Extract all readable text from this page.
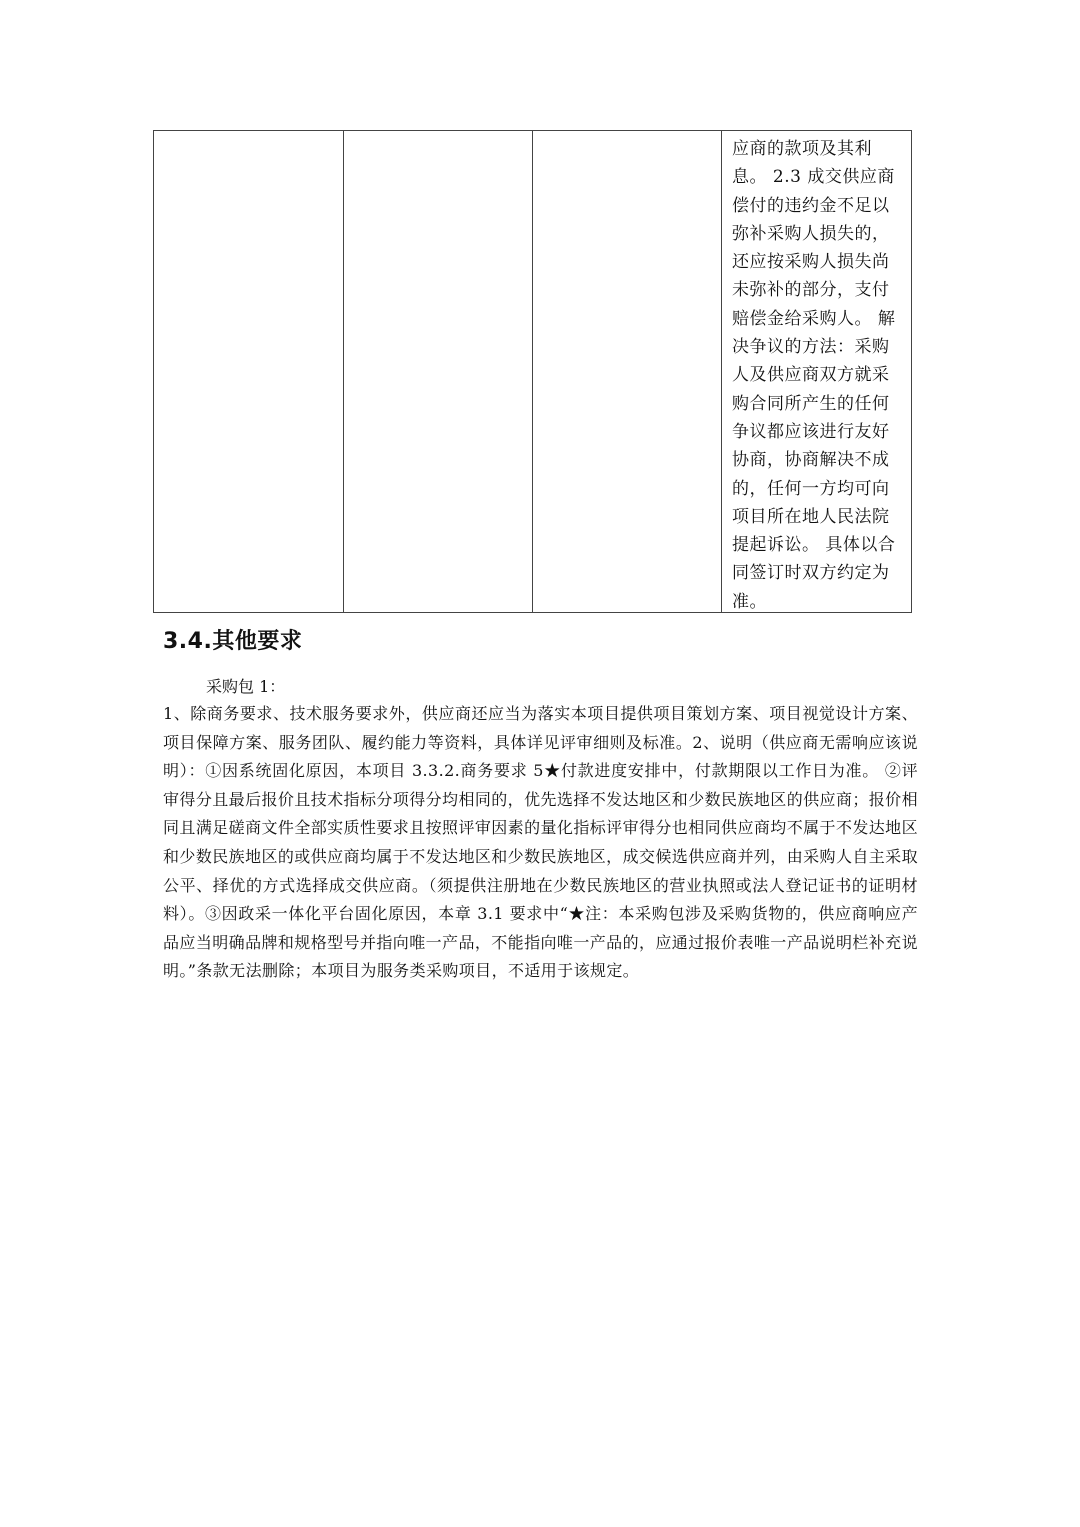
应商的款项及其利息。 2.3 成交供应商偿付的违约金不足以弥补采购人损失的，还应按采购人损失尚未弥补的部分，支付赔偿金给采购人。 解决争议的方法：采购人及供应商双方就采购合同所产生的任何争议都应该进行友好协商，协商解决不成的，任何一方均可向项目所在地人民法院提起诉讼。 具体以合同签订时双方约定为准。
3.4.其他要求

采购包 1：

1、除商务要求、技术服务要求外，供应商还应当为落实本项目提供项目策划方案、项目视觉设计方案、项目保障方案、服务团队、履约能力等资料，具体详见评审细则及标准。2、说明（供应商无需响应该说明）：①因系统固化原因，本项目 3.3.2.商务要求 5★付款进度安排中，付款期限以工作日为准。 ②评审得分且最后报价且技术指标分项得分均相同的，优先选择不发达地区和少数民族地区的供应商；报价相同且满足磋商文件全部实质性要求且按照评审因素的量化指标评审得分也相同供应商均不属于不发达地区和少数民族地区的或供应商均属于不发达地区和少数民族地区，成交候选供应商并列，由采购人自主采取公平、择优的方式选择成交供应商。（须提供注册地在少数民族地区的营业执照或法人登记证书的证明材料）。③因政采一体化平台固化原因，本章 3.1 要求中“★注：本采购包涉及采购货物的，供应商响应产品应当明确品牌和规格型号并指向唯一产品，不能指向唯一产品的，应通过报价表唯一产品说明栏补充说明。”条款无法删除；本项目为服务类采购项目，不适用于该规定。
